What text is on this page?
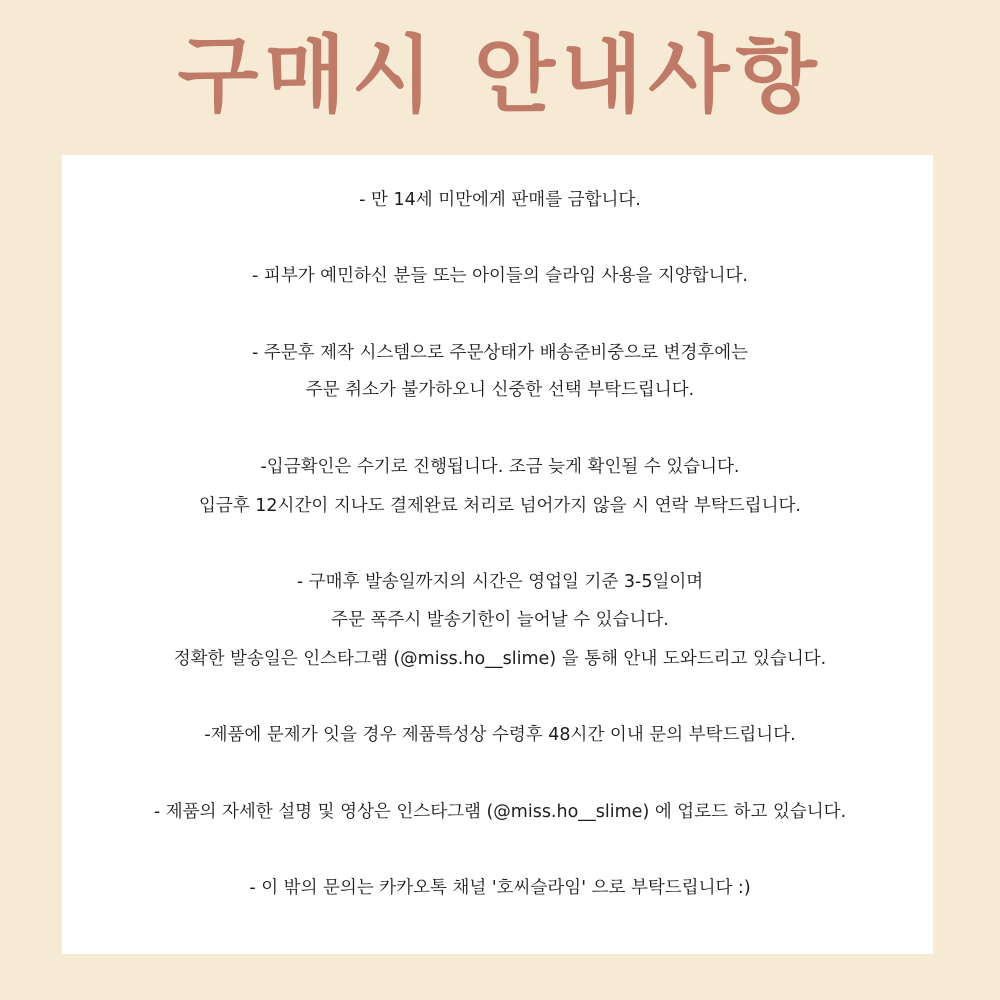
구매시 안내사항
- 만 14세 미만에게 판매를 금합니다.
- 피부가 예민하신 분들 또는 아이들의 슬라임 사용을 지양합니다.
- 주문후 제작 시스템으로 주문상태가 배송준비중으로 변경후에는
주문 취소가 불가하오니 신중한 선택 부탁드립니다.
-입금확인은 수기로 진행됩니다. 조금 늦게 확인될 수 있습니다.
입금후 12시간이 지나도 결제완료 처리로 넘어가지 않을 시 연락 부탁드립니다.
- 구매후 발송일까지의 시간은 영업일 기준 3-5일이며
주문 폭주시 발송기한이 늘어날 수 있습니다.
정확한 발송일은 인스타그램 (@miss.ho__slime) 을 통해 안내 도와드리고 있습니다.
-제품에 문제가 잇을 경우 제품특성상 수령후 48시간 이내 문의 부탁드립니다.
- 제품의 자세한 설명 및 영상은 인스타그램 (@miss.ho__slime) 에 업로드 하고 있습니다.
- 이 밖의 문의는 카카오톡 채널 '호씨슬라임' 으로 부탁드립니다 :)
